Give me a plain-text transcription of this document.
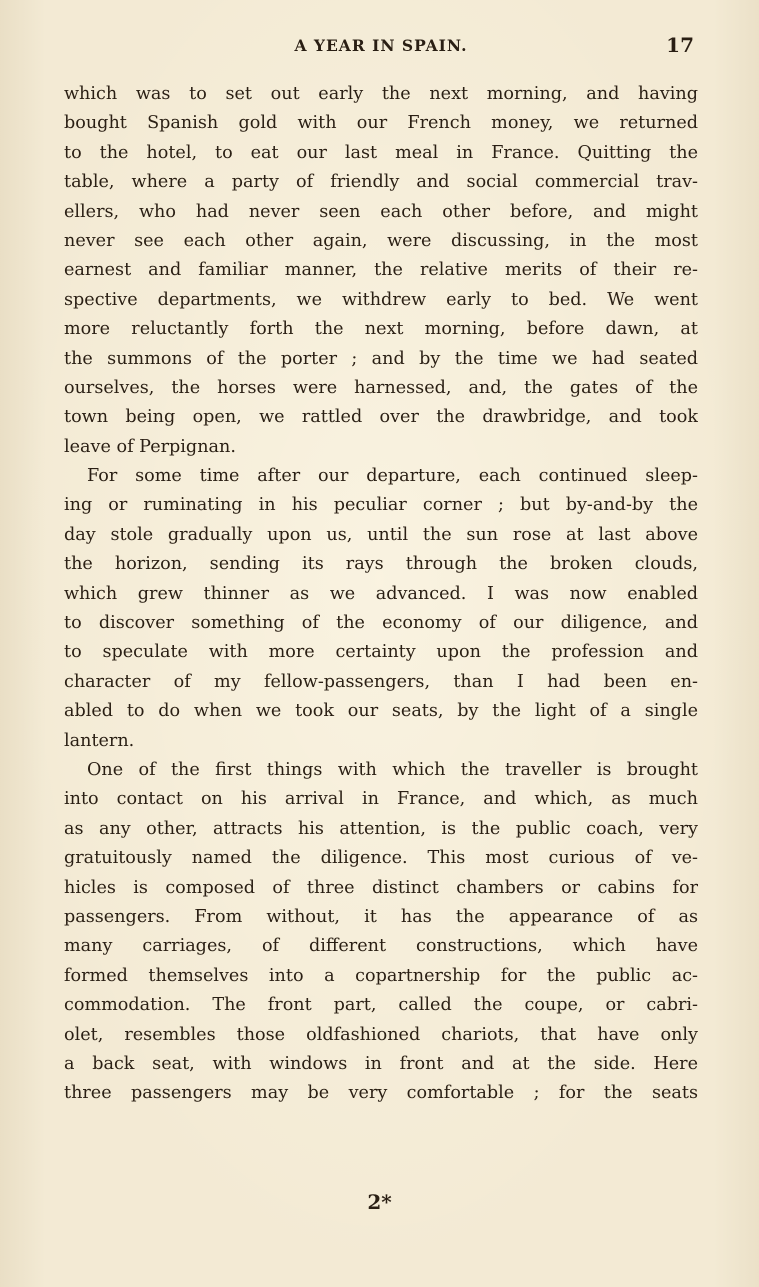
A YEAR IN SPAIN.	17
which was to set out early the next morning, and having
bought Spanish gold with our French money, we returned
to the hotel, to eat our last meal in France. Quitting the
table, where a party of friendly and social commercial trav-
ellers, who had never seen each other before, and might
never see each other again, were discussing, in the most
earnest and familiar manner, the relative merits of their re-
spective departments, we withdrew early to bed. We went
more reluctantly forth the next morning, before dawn, at
the summons of the porter ; and by the time we had seated
ourselves, the horses were harnessed, and, the gates of the
town being open, we rattled over the drawbridge, and took
leave of Perpignan.
For some time after our departure, each continued sleep-
ing or ruminating in his peculiar corner ; but by-and-by the
day stole gradually upon us, until the sun rose at last above
the horizon, sending its rays through the broken clouds,
which grew thinner as we advanced. I was now enabled
to discover something of the economy of our diligence, and
to speculate with more certainty upon the profession and
character of my fellow-passengers, than I had been en-
abled to do when we took our seats, by the light of a single
lantern.
One of the first things with which the traveller is brought
into contact on his arrival in France, and which, as much
as any other, attracts his attention, is the public coach, very
gratuitously named the diligence. This most curious of ve-
hicles is composed of three distinct chambers or cabins for
passengers. From without, it has the appearance of as
many carriages, of different constructions, which have
formed themselves into a copartnership for the public ac-
commodation. The front part, called the coupe, or cabri-
olet, resembles those oldfashioned chariots, that have only
a back seat, with windows in front and at the side. Here
three passengers may be very comfortable ; for the seats
2*
